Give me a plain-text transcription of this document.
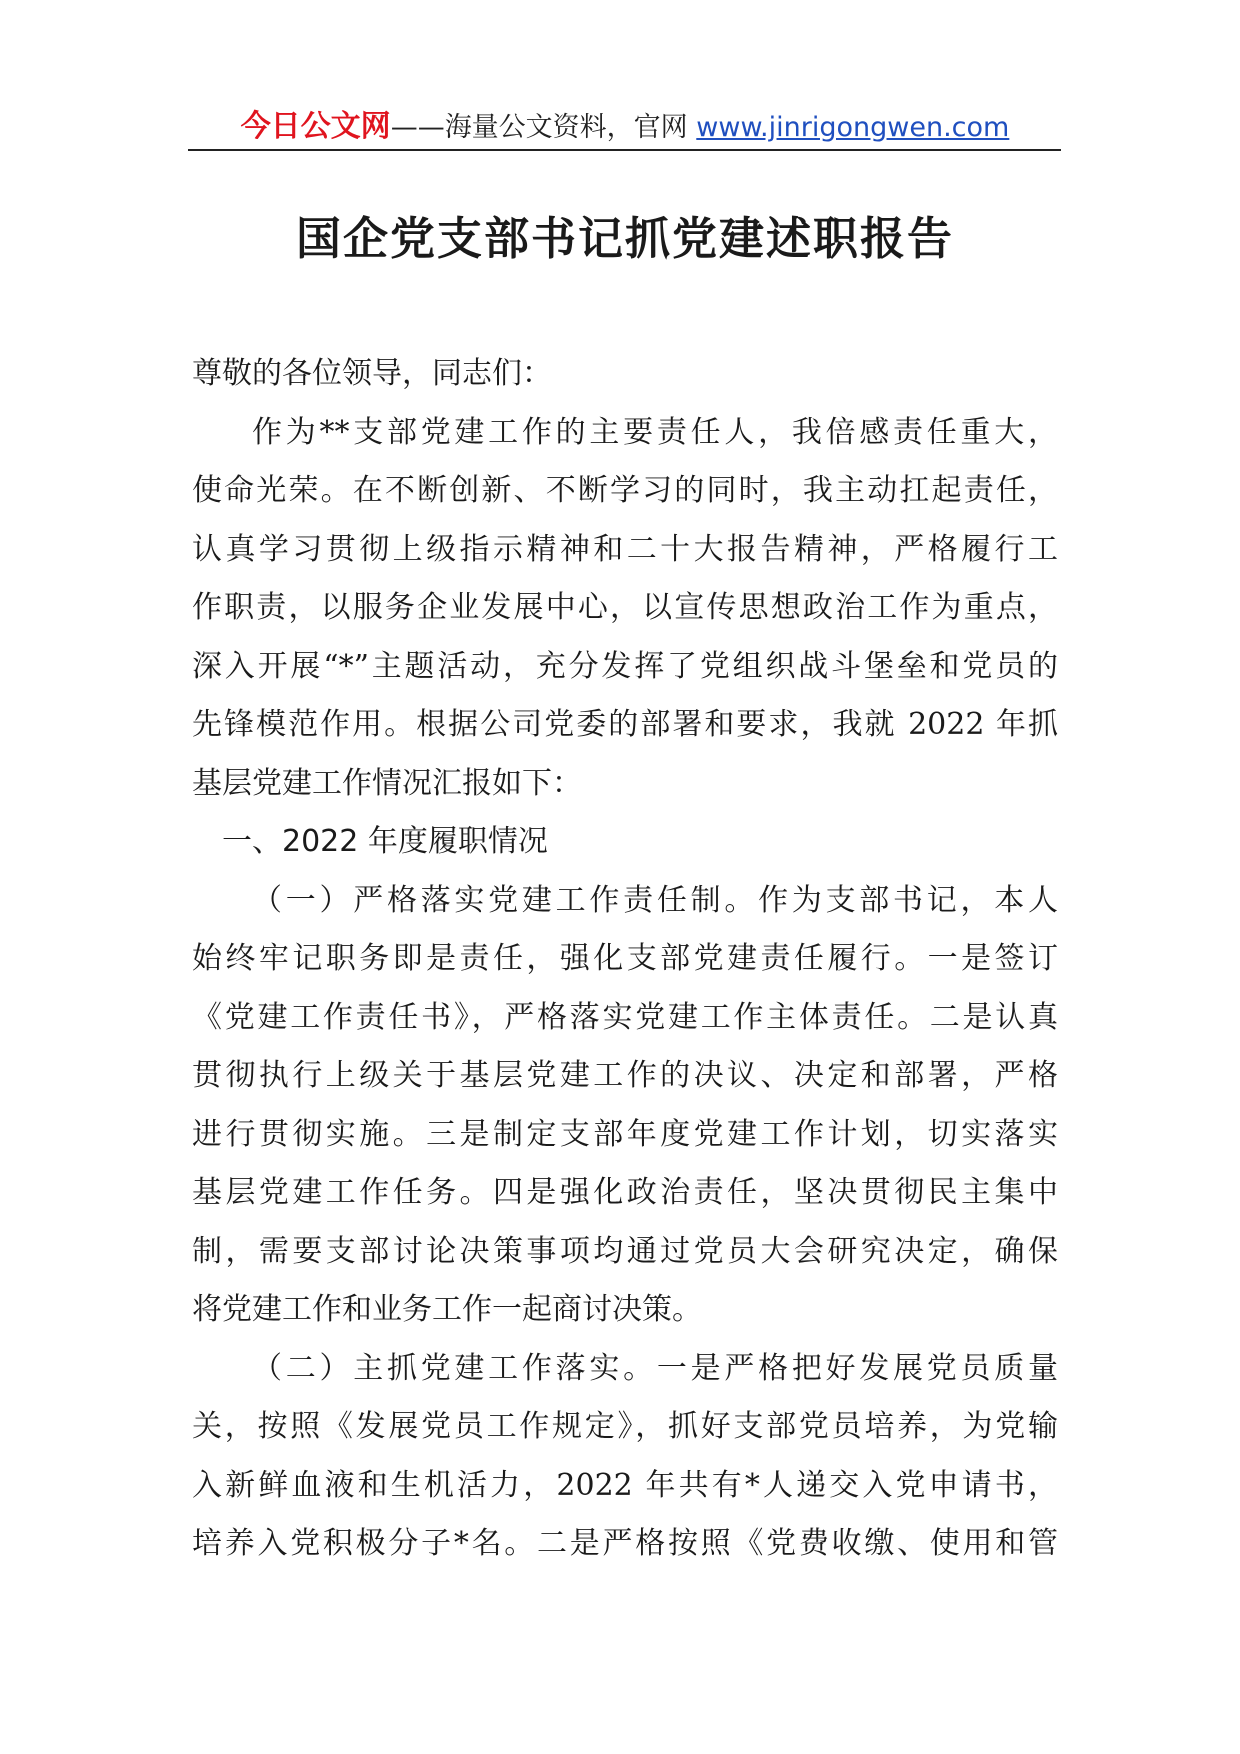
今日公文网——海量公文资料，官网 www.jinrigongwen.com
国企党支部书记抓党建述职报告
尊敬的各位领导，同志们：
作为**支部党建工作的主要责任人，我倍感责任重大，
使命光荣。在不断创新、不断学习的同时，我主动扛起责任，
认真学习贯彻上级指示精神和二十大报告精神，严格履行工
作职责，以服务企业发展中心，以宣传思想政治工作为重点，
深入开展“*”主题活动，充分发挥了党组织战斗堡垒和党员的
先锋模范作用。根据公司党委的部署和要求，我就 2022 年抓
基层党建工作情况汇报如下：
一、2022 年度履职情况
（一）严格落实党建工作责任制。作为支部书记，本人
始终牢记职务即是责任，强化支部党建责任履行。一是签订
《党建工作责任书》，严格落实党建工作主体责任。二是认真
贯彻执行上级关于基层党建工作的决议、决定和部署，严格
进行贯彻实施。三是制定支部年度党建工作计划，切实落实
基层党建工作任务。四是强化政治责任，坚决贯彻民主集中
制，需要支部讨论决策事项均通过党员大会研究决定，确保
将党建工作和业务工作一起商讨决策。
（二）主抓党建工作落实。一是严格把好发展党员质量
关，按照《发展党员工作规定》，抓好支部党员培养，为党输
入新鲜血液和生机活力，2022 年共有*人递交入党申请书，
培养入党积极分子*名。二是严格按照《党费收缴、使用和管
